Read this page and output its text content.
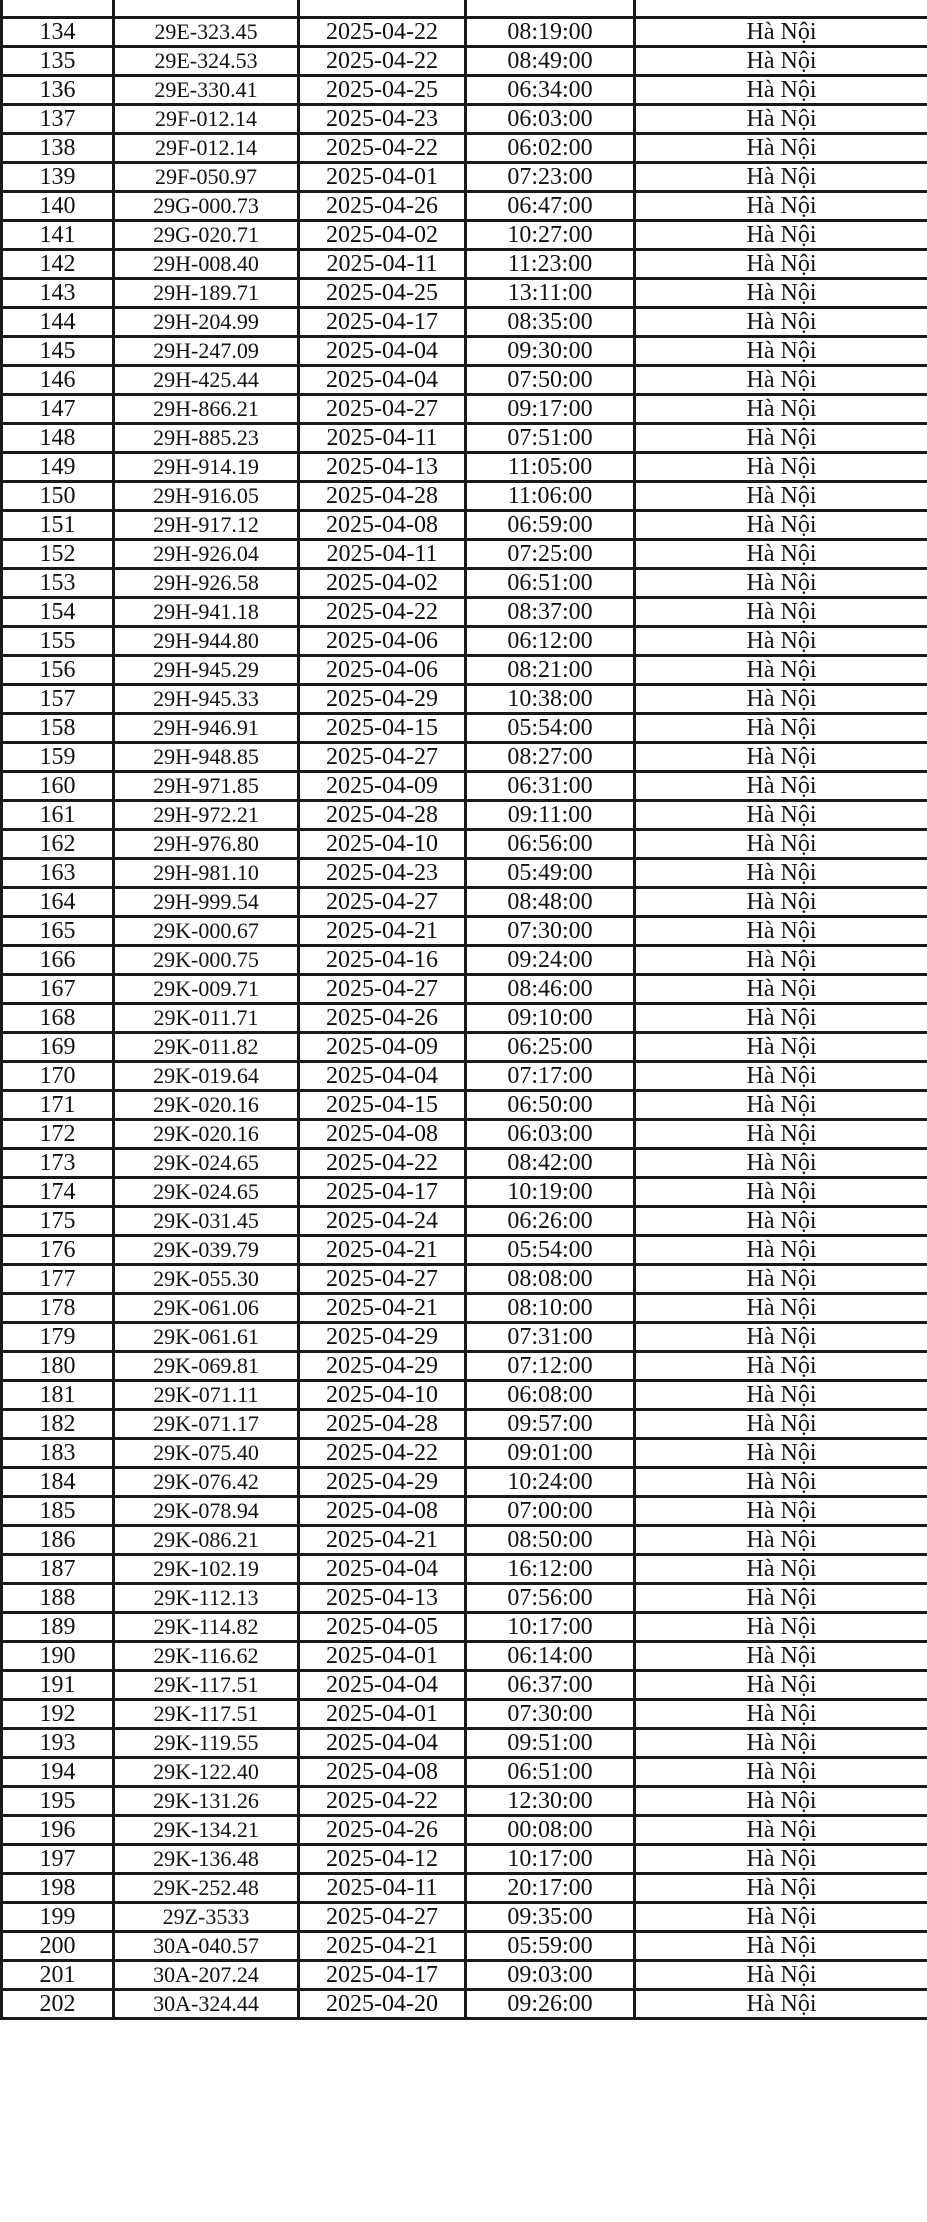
134	29E-323.45	2025-04-22	08:19:00	Hà Nội
135	29E-324.53	2025-04-22	08:49:00	Hà Nội
136	29E-330.41	2025-04-25	06:34:00	Hà Nội
137	29F-012.14	2025-04-23	06:03:00	Hà Nội
138	29F-012.14	2025-04-22	06:02:00	Hà Nội
139	29F-050.97	2025-04-01	07:23:00	Hà Nội
140	29G-000.73	2025-04-26	06:47:00	Hà Nội
141	29G-020.71	2025-04-02	10:27:00	Hà Nội
142	29H-008.40	2025-04-11	11:23:00	Hà Nội
143	29H-189.71	2025-04-25	13:11:00	Hà Nội
144	29H-204.99	2025-04-17	08:35:00	Hà Nội
145	29H-247.09	2025-04-04	09:30:00	Hà Nội
146	29H-425.44	2025-04-04	07:50:00	Hà Nội
147	29H-866.21	2025-04-27	09:17:00	Hà Nội
148	29H-885.23	2025-04-11	07:51:00	Hà Nội
149	29H-914.19	2025-04-13	11:05:00	Hà Nội
150	29H-916.05	2025-04-28	11:06:00	Hà Nội
151	29H-917.12	2025-04-08	06:59:00	Hà Nội
152	29H-926.04	2025-04-11	07:25:00	Hà Nội
153	29H-926.58	2025-04-02	06:51:00	Hà Nội
154	29H-941.18	2025-04-22	08:37:00	Hà Nội
155	29H-944.80	2025-04-06	06:12:00	Hà Nội
156	29H-945.29	2025-04-06	08:21:00	Hà Nội
157	29H-945.33	2025-04-29	10:38:00	Hà Nội
158	29H-946.91	2025-04-15	05:54:00	Hà Nội
159	29H-948.85	2025-04-27	08:27:00	Hà Nội
160	29H-971.85	2025-04-09	06:31:00	Hà Nội
161	29H-972.21	2025-04-28	09:11:00	Hà Nội
162	29H-976.80	2025-04-10	06:56:00	Hà Nội
163	29H-981.10	2025-04-23	05:49:00	Hà Nội
164	29H-999.54	2025-04-27	08:48:00	Hà Nội
165	29K-000.67	2025-04-21	07:30:00	Hà Nội
166	29K-000.75	2025-04-16	09:24:00	Hà Nội
167	29K-009.71	2025-04-27	08:46:00	Hà Nội
168	29K-011.71	2025-04-26	09:10:00	Hà Nội
169	29K-011.82	2025-04-09	06:25:00	Hà Nội
170	29K-019.64	2025-04-04	07:17:00	Hà Nội
171	29K-020.16	2025-04-15	06:50:00	Hà Nội
172	29K-020.16	2025-04-08	06:03:00	Hà Nội
173	29K-024.65	2025-04-22	08:42:00	Hà Nội
174	29K-024.65	2025-04-17	10:19:00	Hà Nội
175	29K-031.45	2025-04-24	06:26:00	Hà Nội
176	29K-039.79	2025-04-21	05:54:00	Hà Nội
177	29K-055.30	2025-04-27	08:08:00	Hà Nội
178	29K-061.06	2025-04-21	08:10:00	Hà Nội
179	29K-061.61	2025-04-29	07:31:00	Hà Nội
180	29K-069.81	2025-04-29	07:12:00	Hà Nội
181	29K-071.11	2025-04-10	06:08:00	Hà Nội
182	29K-071.17	2025-04-28	09:57:00	Hà Nội
183	29K-075.40	2025-04-22	09:01:00	Hà Nội
184	29K-076.42	2025-04-29	10:24:00	Hà Nội
185	29K-078.94	2025-04-08	07:00:00	Hà Nội
186	29K-086.21	2025-04-21	08:50:00	Hà Nội
187	29K-102.19	2025-04-04	16:12:00	Hà Nội
188	29K-112.13	2025-04-13	07:56:00	Hà Nội
189	29K-114.82	2025-04-05	10:17:00	Hà Nội
190	29K-116.62	2025-04-01	06:14:00	Hà Nội
191	29K-117.51	2025-04-04	06:37:00	Hà Nội
192	29K-117.51	2025-04-01	07:30:00	Hà Nội
193	29K-119.55	2025-04-04	09:51:00	Hà Nội
194	29K-122.40	2025-04-08	06:51:00	Hà Nội
195	29K-131.26	2025-04-22	12:30:00	Hà Nội
196	29K-134.21	2025-04-26	00:08:00	Hà Nội
197	29K-136.48	2025-04-12	10:17:00	Hà Nội
198	29K-252.48	2025-04-11	20:17:00	Hà Nội
199	29Z-3533	2025-04-27	09:35:00	Hà Nội
200	30A-040.57	2025-04-21	05:59:00	Hà Nội
201	30A-207.24	2025-04-17	09:03:00	Hà Nội
202	30A-324.44	2025-04-20	09:26:00	Hà Nội
